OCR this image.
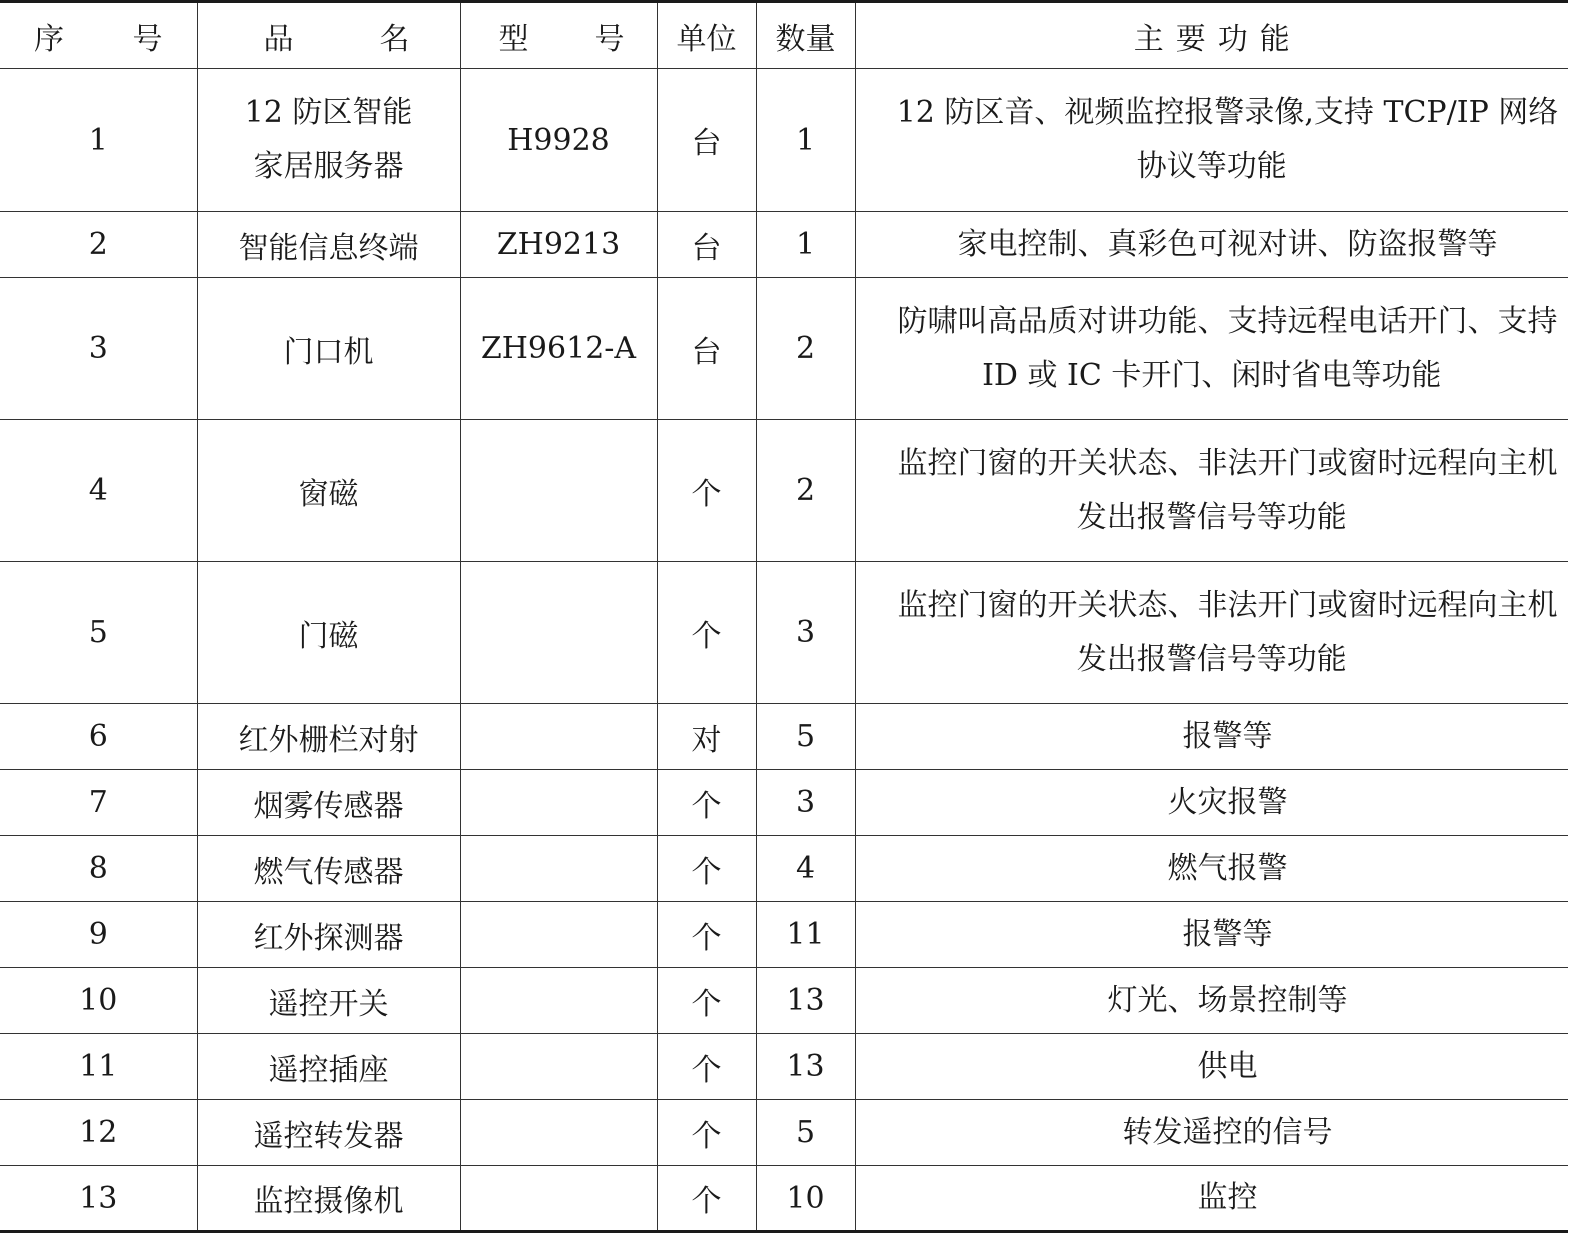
序 号	品 名	型 号	单位	数量	主 要 功 能

1	12 防区智能家居服务器	H9928	台	1	12 防区音、视频监控报警录像,支持 TCP/IP 网络协议等功能
2	智能信息终端	ZH9213	台	1	家电控制、真彩色可视对讲、防盗报警等
3	门口机	ZH9612-A	台	2	防啸叫高品质对讲功能、支持远程电话开门、支持 ID 或 IC 卡开门、闲时省电等功能
4	窗磁		个	2	监控门窗的开关状态、非法开门或窗时远程向主机发出报警信号等功能
5	门磁		个	3	监控门窗的开关状态、非法开门或窗时远程向主机发出报警信号等功能
6	红外栅栏对射		对	5	报警等
7	烟雾传感器		个	3	火灾报警
8	燃气传感器		个	4	燃气报警
9	红外探测器		个	11	报警等
10	遥控开关		个	13	灯光、场景控制等
11	遥控插座		个	13	供电
12	遥控转发器		个	5	转发遥控的信号
13	监控摄像机		个	10	监控
